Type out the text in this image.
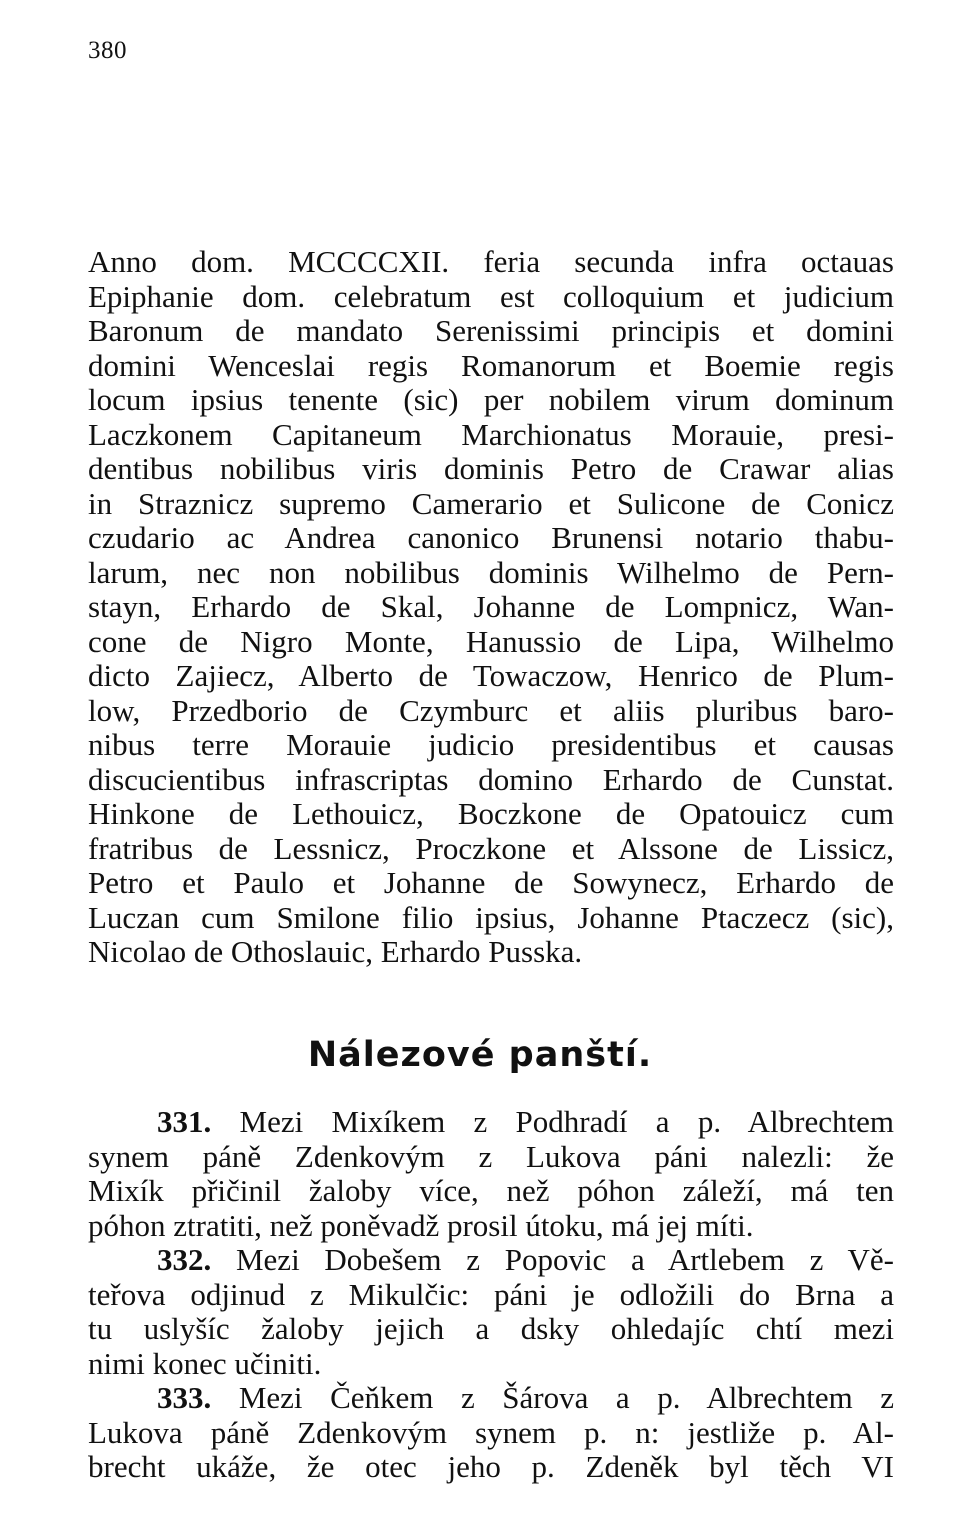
380
Anno dom. MCCCCXII. feria secunda infra octauas
Epiphanie dom. celebratum est colloquium et judicium
Baronum de mandato Serenissimi principis et domini
domini Wenceslai regis Romanorum et Boemie regis
locum ipsius tenente (sic) per nobilem virum dominum
Laczkonem Capitaneum Marchionatus Morauie, presi-
dentibus nobilibus viris dominis Petro de Crawar alias
in Straznicz supremo Camerario et Sulicone de Conicz
czudario ac Andrea canonico Brunensi notario thabu-
larum, nec non nobilibus dominis Wilhelmo de Pern-
stayn, Erhardo de Skal, Johanne de Lompnicz, Wan-
cone de Nigro Monte, Hanussio de Lipa, Wilhelmo
dicto Zajiecz, Alberto de Towaczow, Henrico de Plum-
low, Przedborio de Czymburc et aliis pluribus baro-
nibus terre Morauie judicio presidentibus et causas
discucientibus infrascriptas domino Erhardo de Cunstat.
Hinkone de Lethouicz, Boczkone de Opatouicz cum
fratribus de Lessnicz, Proczkone et Alssone de Lissicz,
Petro et Paulo et Johanne de Sowynecz, Erhardo de
Luczan cum Smilone filio ipsius, Johanne Ptaczecz (sic),
Nicolao de Othoslauic, Erhardo Pusska.
Nálezové panští.
331. Mezi Mixíkem z Podhradí a p. Albrechtem
synem páně Zdenkovým z Lukova páni nalezli: že
Mixík přičinil žaloby více, než póhon záleží, má ten
póhon ztratiti, než poněvadž prosil útoku, má jej míti.
332. Mezi Dobešem z Popovic a Artlebem z Vě-
teřova odjinud z Mikulčic: páni je odložili do Brna a
tu uslyšíc žaloby jejich a dsky ohledajíc chtí mezi
nimi konec učiniti.
333. Mezi Čeňkem z Šárova a p. Albrechtem z
Lukova páně Zdenkovým synem p. n: jestliže p. Al-
brecht ukáže, že otec jeho p. Zdeněk byl těch VI
